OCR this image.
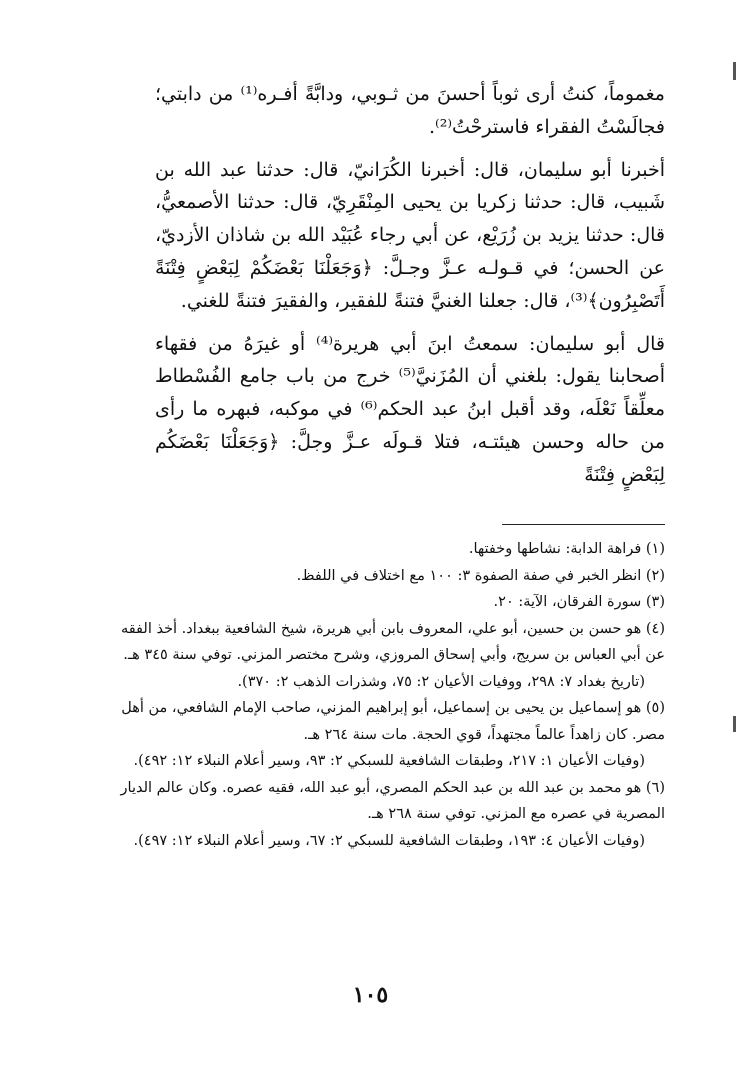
مغموماً، كنتُ أرى ثوباً أحسنَ من ثـوبي، ودابَّةً أفـره⁽¹⁾ من دابتي؛ فجالَسْتُ الفقراء فاسترحْتُ⁽²⁾.

أخبرنا أبو سليمان، قال: أخبرنا الكُرَانيّ، قال: حدثنا عبد الله بن شَبيب، قال: حدثنا زكريا بن يحيى المِنْقَرِيّ، قال: حدثنا الأصمعيُّ، قال: حدثنا يزيد بن زُرَيْع، عن أبي رجاء عُبَيْد الله بن شاذان الأزديّ، عن الحسن؛ في قـولـه عـزَّ وجـلَّ: ﴿وَجَعَلْنَا بَعْضَكُمْ لِبَعْضٍ فِتْنَةً أَتَصْبِرُون﴾⁽³⁾، قال: جعلنا الغنيَّ فتنةً للفقير، والفقيرَ فتنةً للغني.

قال أبو سليمان: سمعتُ ابنَ أبي هريرة⁽⁴⁾ أو غيرَهُ من فقهاء أصحابنا يقول: بلغني أن المُزَنيَّ⁽⁵⁾ خرج من باب جامع الفُسْطاط معلِّقاً نَعْلَه، وقد أقبل ابنُ عبد الحكم⁽⁶⁾ في موكبه، فبهره ما رأى من حاله وحسن هيئتـه، فتلا قـولَه عـزَّ وجلَّ: ﴿وَجَعَلْنَا بَعْضَكُم لِبَعْضٍ فِتْنَةً

(١) فراهة الدابة: نشاطها وخفتها.

(٢) انظر الخبر في صفة الصفوة ٣: ١٠٠ مع اختلاف في اللفظ.

(٣) سورة الفرقان، الآية: ٢٠.

(٤) هو حسن بن حسين، أبو علي، المعروف بابن أبي هريرة، شيخ الشافعية ببغداد. أخذ الفقه عن أبي العباس بن سريج، وأبي إسحاق المروزي، وشرح مختصر المزني. توفي سنة ٣٤٥ هـ.

(تاريخ بغداد ٧: ٢٩٨، ووفيات الأعيان ٢: ٧٥، وشذرات الذهب ٢: ٣٧٠).

(٥) هو إسماعيل بن يحيى بن إسماعيل، أبو إبراهيم المزني، صاحب الإمام الشافعي، من أهل مصر. كان زاهداً عالماً مجتهداً، قوي الحجة. مات سنة ٢٦٤ هـ.

(وفيات الأعيان ١: ٢١٧، وطبقات الشافعية للسبكي ٢: ٩٣، وسير أعلام النبلاء ١٢: ٤٩٢).

(٦) هو محمد بن عبد الله بن عبد الحكم المصري، أبو عبد الله، فقيه عصره. وكان عالم الديار المصرية في عصره مع المزني. توفي سنة ٢٦٨ هـ.

(وفيات الأعيان ٤: ١٩٣، وطبقات الشافعية للسبكي ٢: ٦٧، وسير أعلام النبلاء ١٢: ٤٩٧).

١٠٥
